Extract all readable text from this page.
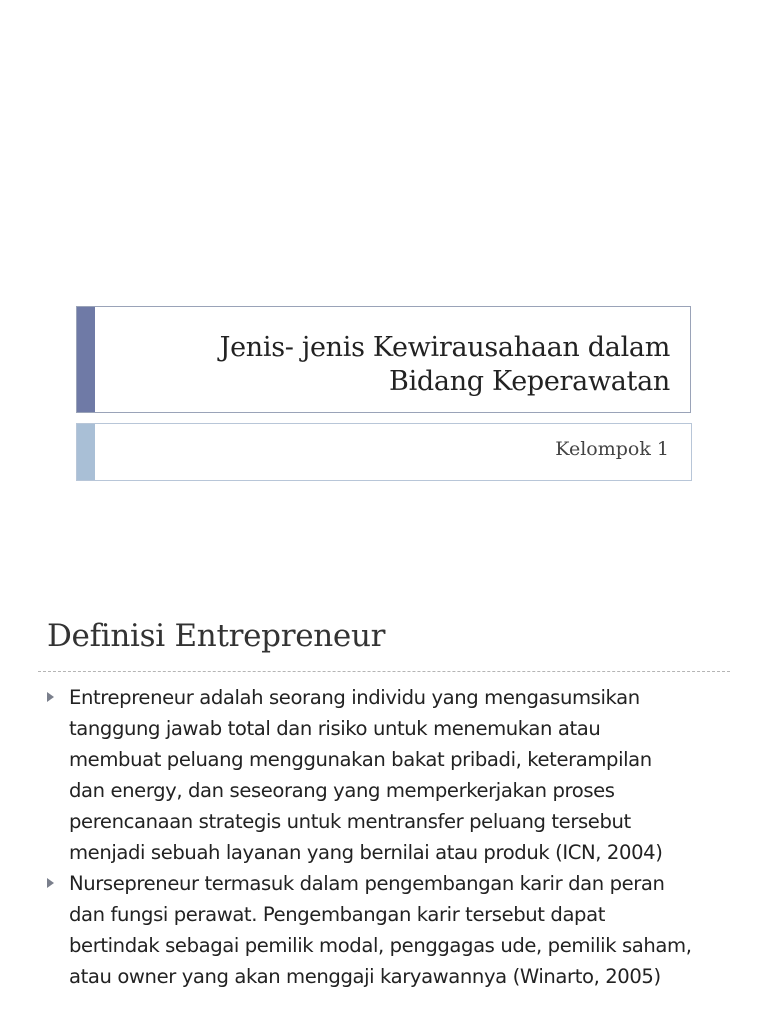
Jenis- jenis Kewirausahaan dalam
Bidang Keperawatan
Kelompok 1
Definisi Entrepreneur
Entrepreneur adalah seorang individu yang mengasumsikan
tanggung jawab total dan risiko untuk menemukan atau
membuat peluang menggunakan bakat pribadi, keterampilan
dan energy, dan seseorang yang memperkerjakan proses
perencanaan strategis untuk mentransfer peluang tersebut
menjadi sebuah layanan yang bernilai atau produk (ICN, 2004)
Nursepreneur termasuk dalam pengembangan karir dan peran
dan fungsi perawat. Pengembangan karir tersebut dapat
bertindak sebagai pemilik modal, penggagas ude, pemilik saham,
atau owner yang akan menggaji karyawannya (Winarto, 2005)
